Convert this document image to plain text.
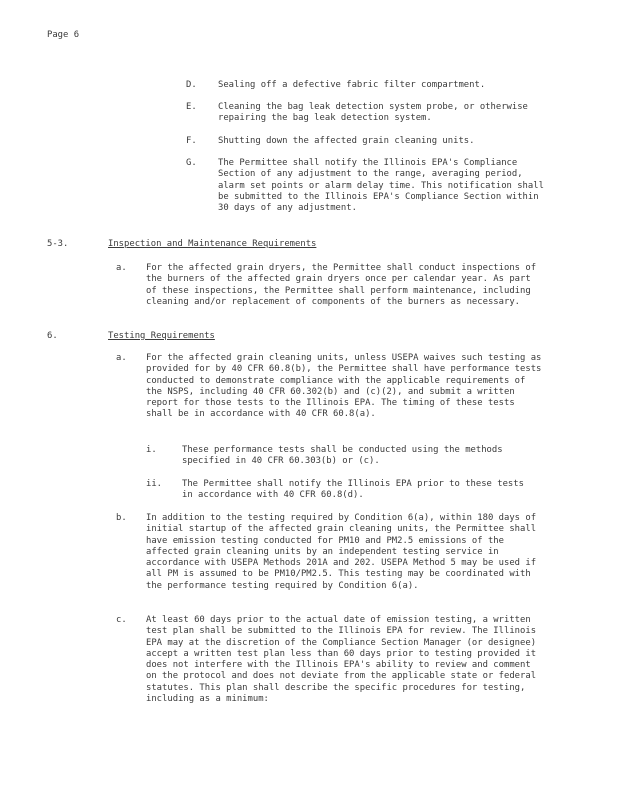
Page 6
D. Sealing off a defective fabric filter compartment.
E. Cleaning the bag leak detection system probe, or otherwise repairing the bag leak detection system.
F. Shutting down the affected grain cleaning units.
G. The Permittee shall notify the Illinois EPA's Compliance Section of any adjustment to the range, averaging period, alarm set points or alarm delay time. This notification shall be submitted to the Illinois EPA's Compliance Section within 30 days of any adjustment.
5-3.	Inspection and Maintenance Requirements
a. For the affected grain dryers, the Permittee shall conduct inspections of the burners of the affected grain dryers once per calendar year. As part of these inspections, the Permittee shall perform maintenance, including cleaning and/or replacement of components of the burners as necessary.
6.	Testing Requirements
a. For the affected grain cleaning units, unless USEPA waives such testing as provided for by 40 CFR 60.8(b), the Permittee shall have performance tests conducted to demonstrate compliance with the applicable requirements of the NSPS, including 40 CFR 60.302(b) and (c)(2), and submit a written report for those tests to the Illinois EPA. The timing of these tests shall be in accordance with 40 CFR 60.8(a).
i.	These performance tests shall be conducted using the methods specified in 40 CFR 60.303(b) or (c).
ii. The Permittee shall notify the Illinois EPA prior to these tests in accordance with 40 CFR 60.8(d).
b. In addition to the testing required by Condition 6(a), within 180 days of initial startup of the affected grain cleaning units, the Permittee shall have emission testing conducted for PM10 and PM2.5 emissions of the affected grain cleaning units by an independent testing service in accordance with USEPA Methods 201A and 202. USEPA Method 5 may be used if all PM is assumed to be PM10/PM2.5. This testing may be coordinated with the performance testing required by Condition 6(a).
c. At least 60 days prior to the actual date of emission testing, a written test plan shall be submitted to the Illinois EPA for review. The Illinois EPA may at the discretion of the Compliance Section Manager (or designee) accept a written test plan less than 60 days prior to testing provided it does not interfere with the Illinois EPA's ability to review and comment on the protocol and does not deviate from the applicable state or federal statutes. This plan shall describe the specific procedures for testing, including as a minimum:
